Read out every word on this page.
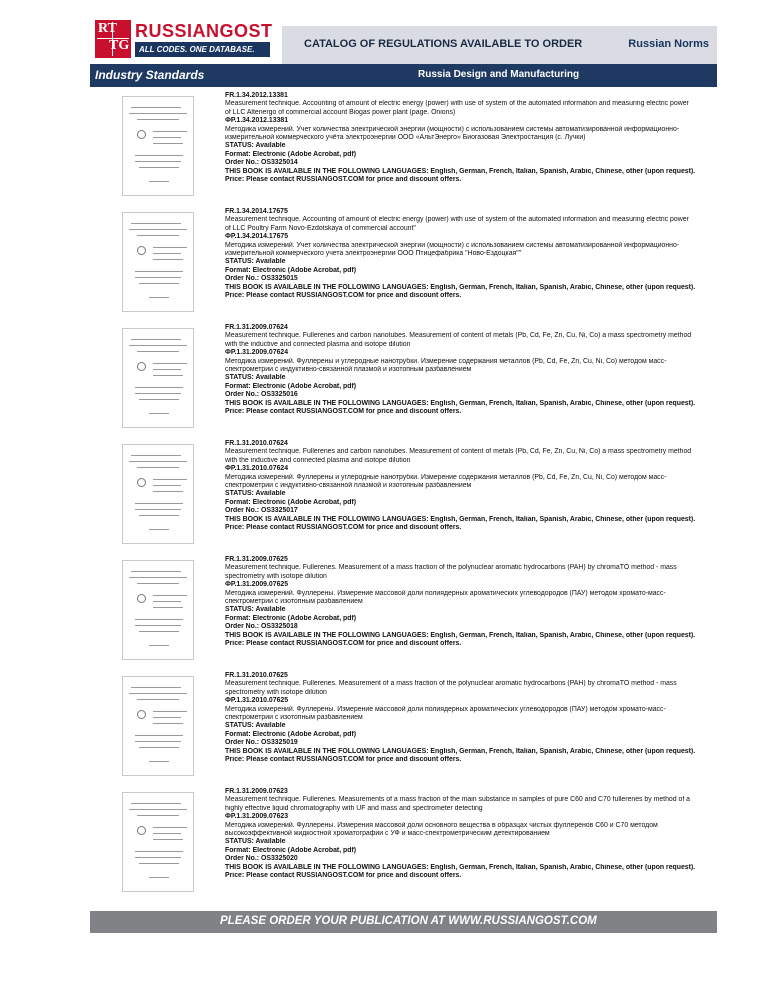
RT
TG
RUSSIANGOST
ALL CODES. ONE DATABASE.	CATALOG OF REGULATIONS AVAILABLE TO ORDER	Russian Norms
Industry Standards	Russia Design and Manufacturing
FR.1.34.2012.13381
Measurement technique. Accounting of amount of electric energy (power) with use of system of the automated information and measuring electric power
of LLC Altenergo of commercial account Biogas power plant (page. Onions)
ФР.1.34.2012.13381
Методика измерений. Учет количества электрической энергии (мощности) с использованием системы автоматизированной информационно-
измерительной коммерческого учёта электроэнергии ООО «АльтЭнерго» Биогазовая Электростанция (с. Лучки)
STATUS: Available
Format: Electronic (Adobe Acrobat, pdf)
Order No.: OS3325014
THIS BOOK IS AVAILABLE IN THE FOLLOWING LANGUAGES: English, German, French, Italian, Spanish, Arabic, Chinese, other (upon request).
Price: Please contact RUSSIANGOST.COM for price and discount offers.
FR.1.34.2014.17675
Measurement technique. Accounting of amount of electric energy (power) with use of system of the automated information and measuring electric power
of LLC Poultry Farm Novo-Ezdotskaya of commercial account"
ФР.1.34.2014.17675
Методика измерений. Учет количества электрической энергии (мощности) с использованием системы автоматизированной информационно-
измерительной коммерческого учета электроэнергии ООО Птицефабрика "Ново-Ездоцкая""
STATUS: Available
Format: Electronic (Adobe Acrobat, pdf)
Order No.: OS3325015
THIS BOOK IS AVAILABLE IN THE FOLLOWING LANGUAGES: English, German, French, Italian, Spanish, Arabic, Chinese, other (upon request).
Price: Please contact RUSSIANGOST.COM for price and discount offers.
FR.1.31.2009.07624
Measurement technique. Fullerenes and carbon nanotubes. Measurement of content of metals (Pb, Cd, Fe, Zn, Cu, Ni, Co) a mass spectrometry method
with the inductive and connected plasma and isotope dilution
ФР.1.31.2009.07624
Методика измерений. Фуллерены и углеродные нанотрубки. Измерение содержания металлов (Pb, Cd, Fe, Zn, Cu, Ni, Co) методом масс-
спектрометрии с индуктивно-связанной плазмой и изотопным разбавлением
STATUS: Available
Format: Electronic (Adobe Acrobat, pdf)
Order No.: OS3325016
THIS BOOK IS AVAILABLE IN THE FOLLOWING LANGUAGES: English, German, French, Italian, Spanish, Arabic, Chinese, other (upon request).
Price: Please contact RUSSIANGOST.COM for price and discount offers.
FR.1.31.2010.07624
Measurement technique. Fullerenes and carbon nanotubes. Measurement of content of metals (Pb, Cd, Fe, Zn, Cu, Ni, Co) a mass spectrometry method
with the inductive and connected plasma and isotope dilution
ФР.1.31.2010.07624
Методика измерений. Фуллерены и углеродные нанотрубки. Измерение содержания металлов (Pb, Cd, Fe, Zn, Cu, Ni, Co) методом масс-
спектрометрии с индуктивно-связанной плазмой и изотопным разбавлением
STATUS: Available
Format: Electronic (Adobe Acrobat, pdf)
Order No.: OS3325017
THIS BOOK IS AVAILABLE IN THE FOLLOWING LANGUAGES: English, German, French, Italian, Spanish, Arabic, Chinese, other (upon request).
Price: Please contact RUSSIANGOST.COM for price and discount offers.
FR.1.31.2009.07625
Measurement technique. Fullerenes. Measurement of a mass fraction of the polynuclear aromatic hydrocarbons (PAH) by chromaTO method - mass
spectrometry with isotope dilution
ФР.1.31.2009.07625
Методика измерений. Фуллерены. Измерение массовой доли полиядерных ароматических углеводородов (ПАУ) методом хромато-масс-
спектрометрии с изотопным разбавлением
STATUS: Available
Format: Electronic (Adobe Acrobat, pdf)
Order No.: OS3325018
THIS BOOK IS AVAILABLE IN THE FOLLOWING LANGUAGES: English, German, French, Italian, Spanish, Arabic, Chinese, other (upon request).
Price: Please contact RUSSIANGOST.COM for price and discount offers.
FR.1.31.2010.07625
Measurement technique. Fullerenes. Measurement of a mass fraction of the polynuclear aromatic hydrocarbons (PAH) by chromaTO method - mass
spectrometry with isotope dilution
ФР.1.31.2010.07625
Методика измерений. Фуллерены. Измерение массовой доли полиядерных ароматических углеводородов (ПАУ) методом хромато-масс-
спектрометрии с изотопным разбавлением
STATUS: Available
Format: Electronic (Adobe Acrobat, pdf)
Order No.: OS3325019
THIS BOOK IS AVAILABLE IN THE FOLLOWING LANGUAGES: English, German, French, Italian, Spanish, Arabic, Chinese, other (upon request).
Price: Please contact RUSSIANGOST.COM for price and discount offers.
FR.1.31.2009.07623
Measurement technique. Fullerenes. Measurements of a mass fraction of the main substance in samples of pure C60 and C70 fullerenes by method of a
highly effective liquid chromatography with UF and mass and spectrometer detecting
ФР.1.31.2009.07623
Методика измерений. Фуллерены. Измерения массовой доли основного вещества в образцах чистых фуллеренов С60 и С70 методом
высокоэффективной жидкостной хроматографии с УФ и масс-спектрометрическим детектированием
STATUS: Available
Format: Electronic (Adobe Acrobat, pdf)
Order No.: OS3325020
THIS BOOK IS AVAILABLE IN THE FOLLOWING LANGUAGES: English, German, French, Italian, Spanish, Arabic, Chinese, other (upon request).
Price: Please contact RUSSIANGOST.COM for price and discount offers.
PLEASE ORDER YOUR PUBLICATION AT WWW.RUSSIANGOST.COM
